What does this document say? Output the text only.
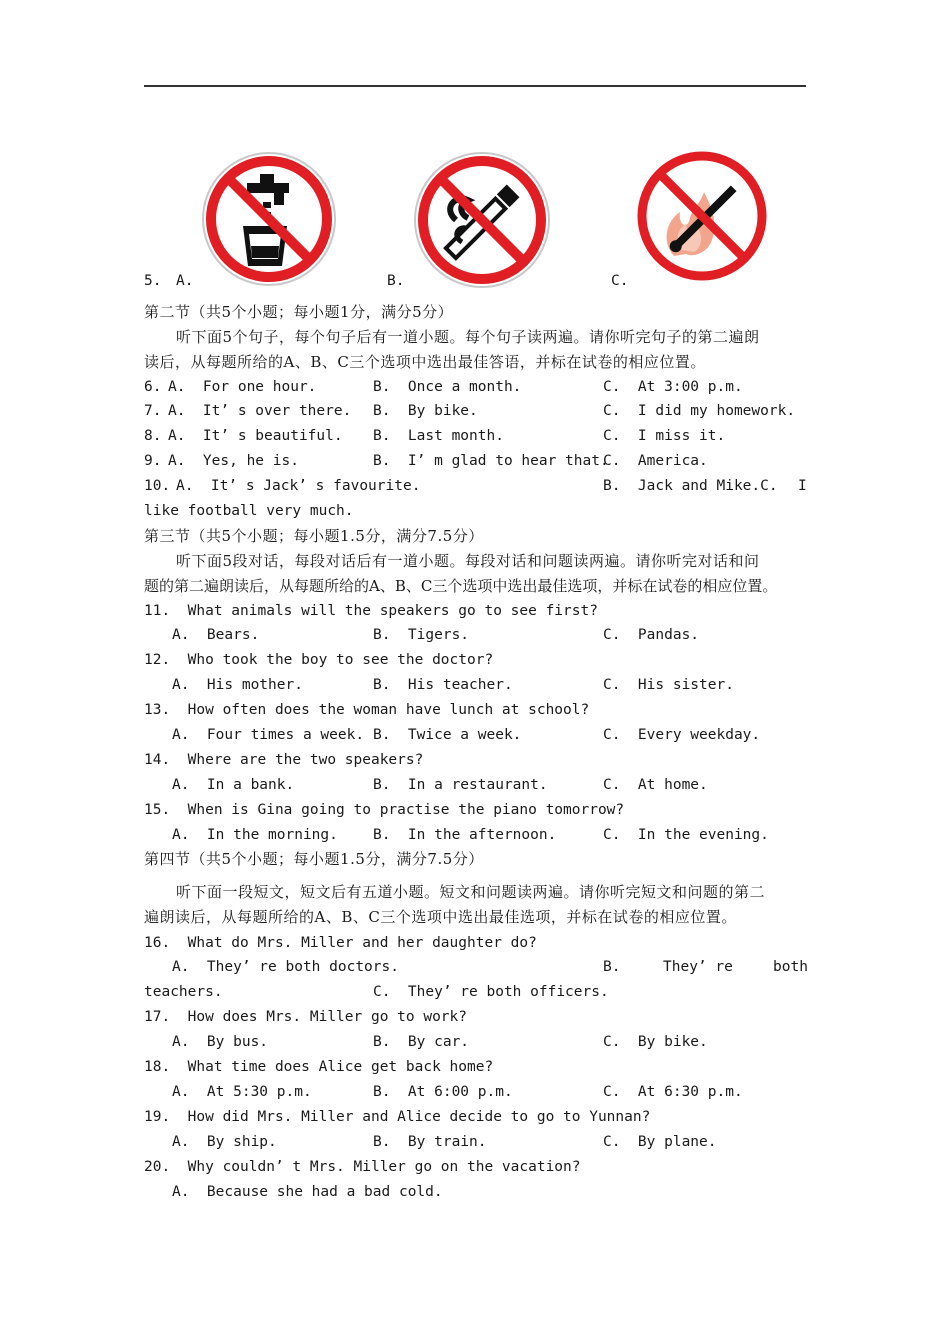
5. A.	B.	C.
第二节（共5个小题；每小题1分，满分5分）
听下面5个句子，每个句子后有一道小题。每个句子读两遍。请你听完句子的第二遍朗
读后，从每题所给的A、B、C三个选项中选出最佳答语，并标在试卷的相应位置。
6. A.  For one hour.	B.  Once a month.	C.  At 3:00 p.m.
7. A.  It’ s over there. B.  By bike.	C.  I did my homework.
8. A.  It’ s beautiful. B.  Last month.	C.  I miss it.
9. A.  Yes, he is.	B.  I’ m glad to hear that.
C.  America.
10. A.  It’ s Jack’ s favourite.	B.  Jack and Mike.C. I
like football very much.
第三节（共5个小题；每小题1.5分，满分7.5分）
听下面5段对话，每段对话后有一道小题。每段对话和问题读两遍。请你听完对话和问
题的第二遍朗读后，从每题所给的A、B、C三个选项中选出最佳选项，并标在试卷的相应位置。
11.  What animals will the speakers go to see first?
A.  Bears.	B.  Tigers.	C.  Pandas.
12.  Who took the boy to see the doctor?
A.  His mother.	B.  His teacher.	C.  His sister.
13.  How often does the woman have lunch at school?
A.  Four times a week. B.  Twice a week.	C.  Every weekday.
14.  Where are the two speakers?
A.  In a bank.	B.  In a restaurant.	C.  At home.
15.  When is Gina going to practise the piano tomorrow?
A.  In the morning. B.  In the afternoon.	C.  In the evening.
第四节（共5个小题；每小题1.5分，满分7.5分）
听下面一段短文，短文后有五道小题。短文和问题读两遍。请你听完短文和问题的第二
遍朗读后，从每题所给的A、B、C三个选项中选出最佳选项，并标在试卷的相应位置。
16.  What do Mrs. Miller and her daughter do?
A.  They’ re both doctors.	B.	They’ re	both
teachers.	C.  They’ re both officers.
17.  How does Mrs. Miller go to work?
A.  By bus.	B.  By car.	C.  By bike.
18.  What time does Alice get back home?
A.  At 5:30 p.m.	B.  At 6:00 p.m.	C.  At 6:30 p.m.
19.  How did Mrs. Miller and Alice decide to go to Yunnan?
A.  By ship.	B.  By train.	C.  By plane.
20.  Why couldn’ t Mrs. Miller go on the vacation?
A.  Because she had a bad cold.
